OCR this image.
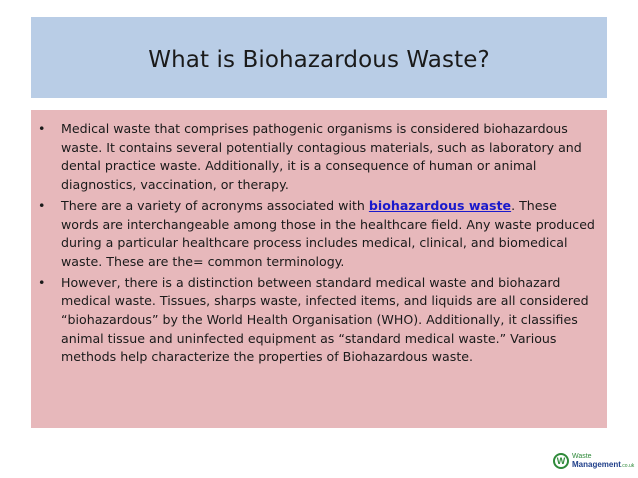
What is Biohazardous Waste?
• Medical waste that comprises pathogenic organisms is considered biohazardous waste. It contains several potentially contagious materials, such as laboratory and dental practice waste. Additionally, it is a consequence of human or animal diagnostics, vaccination, or therapy.
• There are a variety of acronyms associated with biohazardous waste. These words are interchangeable among those in the healthcare field. Any waste produced during a particular healthcare process includes medical, clinical, and biomedical waste. These are the= common terminology.
• However, there is a distinction between standard medical waste and biohazard medical waste. Tissues, sharps waste, infected items, and liquids are all considered “biohazardous” by the World Health Organisation (WHO). Additionally, it classifies animal tissue and uninfected equipment as “standard medical waste.” Various methods help characterize the properties of Biohazardous waste.
W Waste
Management.co.uk
